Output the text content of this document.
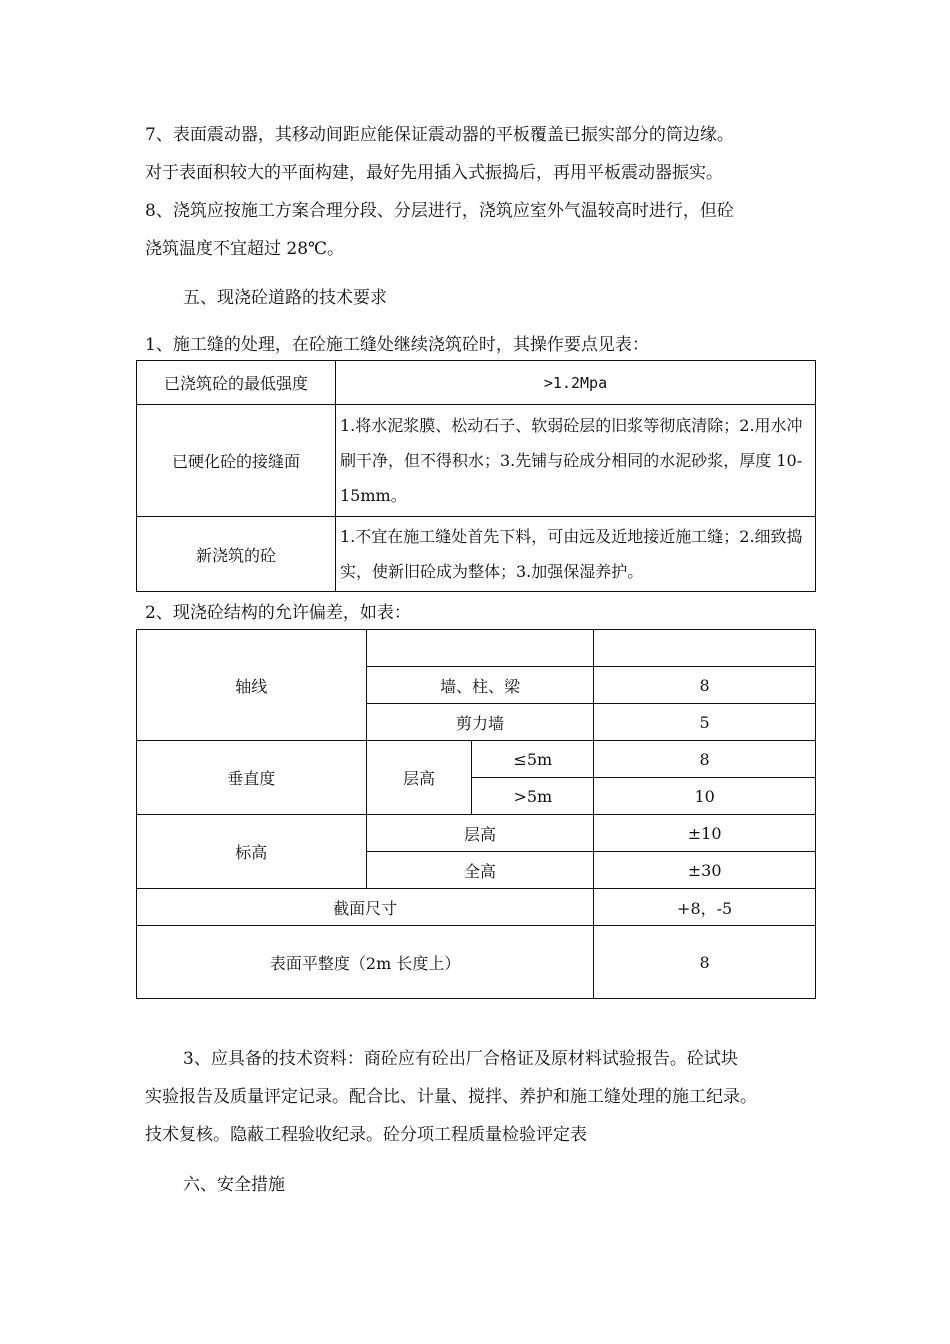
7、表面震动器，其移动间距应能保证震动器的平板覆盖已振实部分的筒边缘。

对于表面积较大的平面构建，最好先用插入式振捣后，再用平板震动器振实。

8、浇筑应按施工方案合理分段、分层进行，浇筑应室外气温较高时进行，但砼

浇筑温度不宜超过 28℃。

五、现浇砼道路的技术要求

1、施工缝的处理，在砼施工缝处继续浇筑砼时，其操作要点见表：

已浇筑砼的最低强度	>1.2Mpa
已硬化砼的接缝面	1.将水泥浆膜、松动石子、软弱砼层的旧浆等彻底清除；2.用水冲刷干净，但不得积水；3.先铺与砼成分相同的水泥砂浆，厚度 10-15mm。
新浇筑的砼	1.不宜在施工缝处首先下料，可由远及近地接近施工缝；2.细致捣实，使新旧砼成为整体；3.加强保湿养护。

2、现浇砼结构的允许偏差，如表：

轴线			
	墙、柱、梁		8
	剪力墙		5
垂直度	层高	≤5m	8
		>5m	10
标高	层高		±10
	全高		±30
截面尺寸			+8，-5
表面平整度（2m 长度上）			8

3、应具备的技术资料：商砼应有砼出厂合格证及原材料试验报告。砼试块

实验报告及质量评定记录。配合比、计量、搅拌、养护和施工缝处理的施工纪录。

技术复核。隐蔽工程验收纪录。砼分项工程质量检验评定表

六、安全措施
